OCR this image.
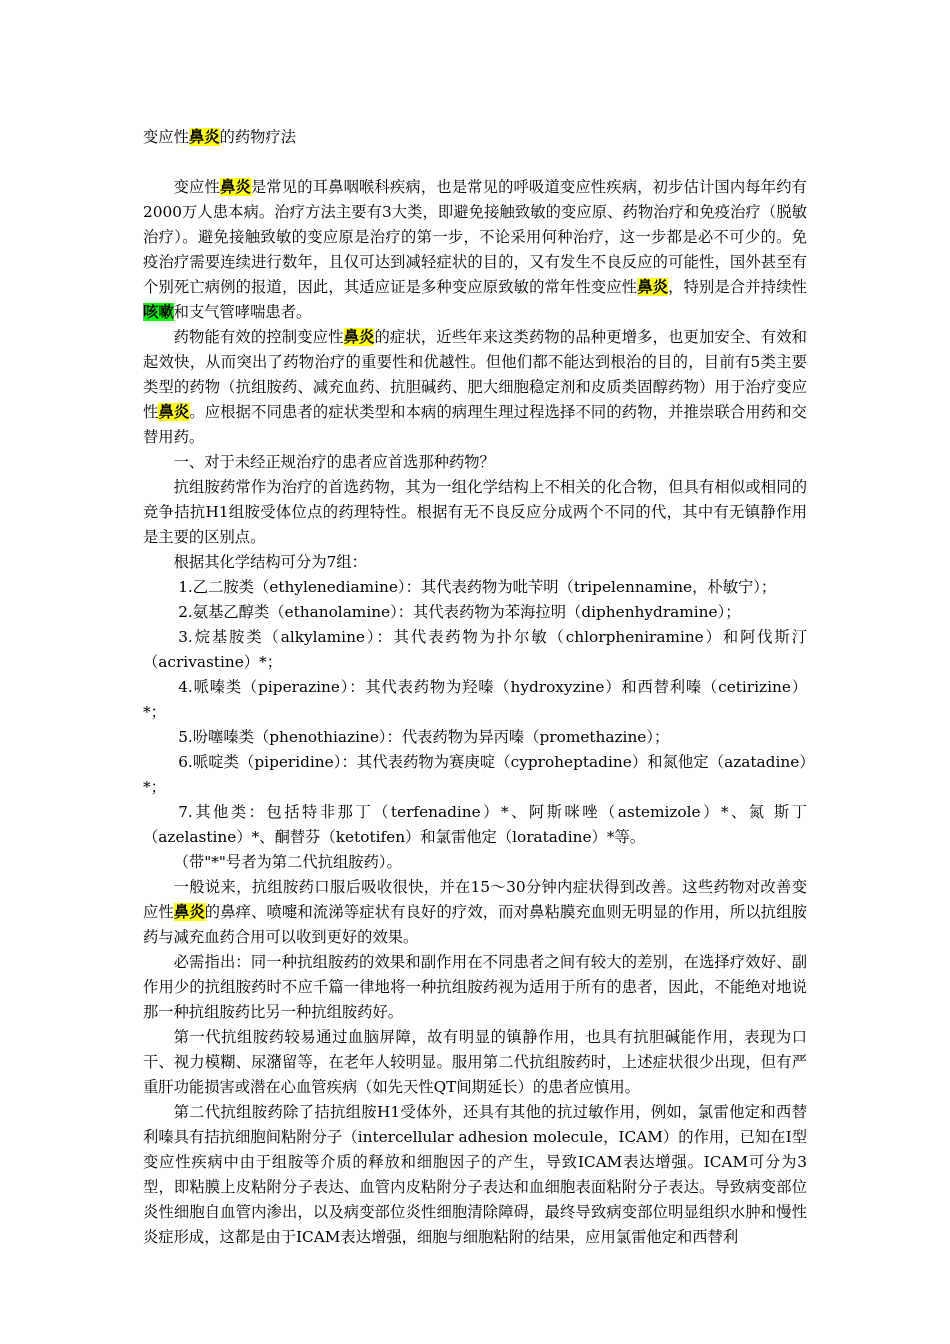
变应性鼻炎的药物疗法

变应性鼻炎是常见的耳鼻咽喉科疾病，也是常见的呼吸道变应性疾病，初步估计国内每年约有2000万人患本病。治疗方法主要有3大类，即避免接触致敏的变应原、药物治疗和免疫治疗（脱敏治疗）。避免接触致敏的变应原是治疗的第一步，不论采用何种治疗，这一步都是必不可少的。免疫治疗需要连续进行数年，且仅可达到减轻症状的目的，又有发生不良反应的可能性，国外甚至有个别死亡病例的报道，因此，其适应证是多种变应原致敏的常年性变应性鼻炎，特别是合并持续性咳嗽和支气管哮喘患者。

药物能有效的控制变应性鼻炎的症状，近些年来这类药物的品种更增多，也更加安全、有效和起效快，从而突出了药物治疗的重要性和优越性。但他们都不能达到根治的目的，目前有5类主要类型的药物（抗组胺药、减充血药、抗胆碱药、肥大细胞稳定剂和皮质类固醇药物）用于治疗变应性鼻炎。应根据不同患者的症状类型和本病的病理生理过程选择不同的药物，并推崇联合用药和交替用药。

一、对于未经正规治疗的患者应首选那种药物？

抗组胺药常作为治疗的首选药物，其为一组化学结构上不相关的化合物，但具有相似或相同的竞争拮抗H1组胺受体位点的药理特性。根据有无不良反应分成两个不同的代，其中有无镇静作用是主要的区别点。

根据其化学结构可分为7组：

1.乙二胺类（ethylenediamine）：其代表药物为吡苄明（tripelennamine，朴敏宁）；

2.氨基乙醇类（ethanolamine）：其代表药物为苯海拉明（diphenhydramine）；

3.烷基胺类（alkylamine）：其代表药物为扑尔敏（chlorpheniramine）和阿伐斯汀（acrivastine）*；

4.哌嗪类（piperazine）：其代表药物为羟嗪（hydroxyzine）和西替利嗪（cetirizine）*；

5.吩噻嗪类（phenothiazine）：代表药物为异丙嗪（promethazine）；

6.哌啶类（piperidine）：其代表药物为赛庚啶（cyproheptadine）和氮他定（azatadine）*；

7.其他类：包括特非那丁（terfenadine）*、阿斯咪唑（astemizole）*、氮 斯丁（azelastine）*、酮替芬（ketotifen）和氯雷他定（loratadine）*等。

（带"*"号者为第二代抗组胺药）。

一般说来，抗组胺药口服后吸收很快，并在15～30分钟内症状得到改善。这些药物对改善变应性鼻炎的鼻痒、喷嚏和流涕等症状有良好的疗效，而对鼻粘膜充血则无明显的作用，所以抗组胺药与减充血药合用可以收到更好的效果。

必需指出：同一种抗组胺药的效果和副作用在不同患者之间有较大的差别，在选择疗效好、副作用少的抗组胺药时不应千篇一律地将一种抗组胺药视为适用于所有的患者，因此，不能绝对地说那一种抗组胺药比另一种抗组胺药好。

第一代抗组胺药较易通过血脑屏障，故有明显的镇静作用，也具有抗胆碱能作用，表现为口干、视力模糊、尿潴留等，在老年人较明显。服用第二代抗组胺药时，上述症状很少出现，但有严重肝功能损害或潜在心血管疾病（如先天性QT间期延长）的患者应慎用。

第二代抗组胺药除了拮抗组胺H1受体外，还具有其他的抗过敏作用，例如，氯雷他定和西替利嗪具有拮抗细胞间粘附分子（intercellular adhesion molecule，ICAM）的作用，已知在I型变应性疾病中由于组胺等介质的释放和细胞因子的产生，导致ICAM表达增强。ICAM可分为3型，即粘膜上皮粘附分子表达、血管内皮粘附分子表达和血细胞表面粘附分子表达。导致病变部位炎性细胞自血管内渗出，以及病变部位炎性细胞清除障碍，最终导致病变部位明显组织水肿和慢性炎症形成，这都是由于ICAM表达增强，细胞与细胞粘附的结果，应用氯雷他定和西替利
